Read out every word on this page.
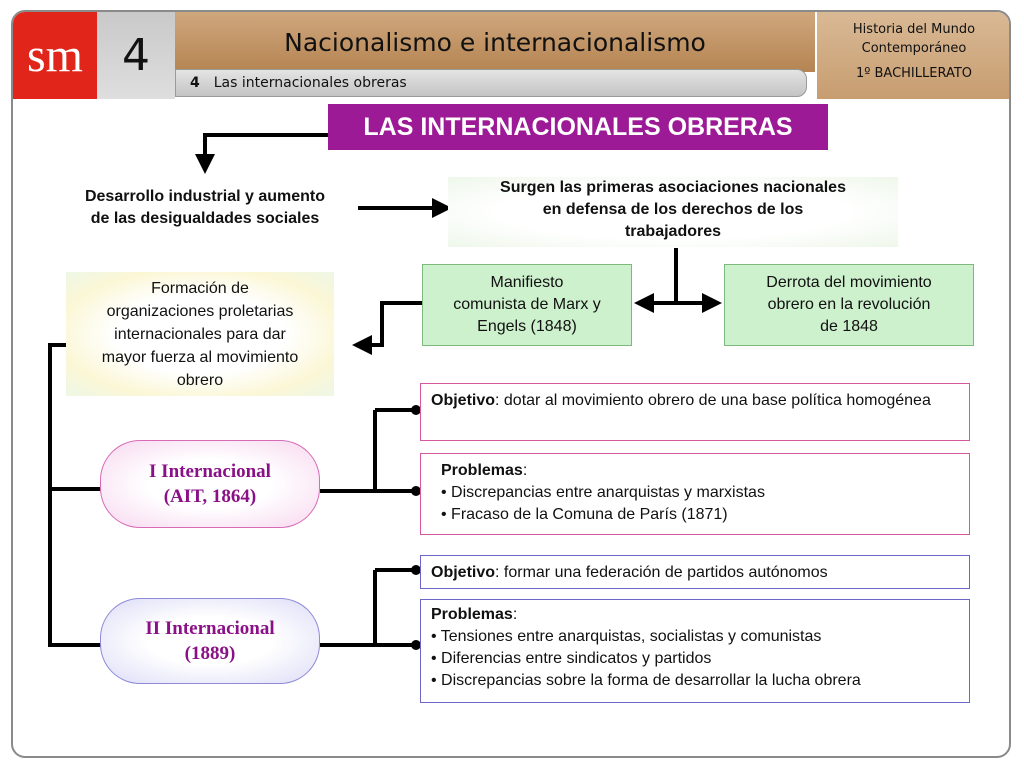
sm 4	Nacionalismo e internacionalismo
4 Las internacionales obreras
Historia del Mundo
Contemporáneo
1º BACHILLERATO
LAS INTERNACIONALES OBRERAS
Desarrollo industrial y aumento
de las desigualdades sociales
Surgen las primeras asociaciones nacionales
en defensa de los derechos de los
trabajadores
Manifiesto
comunista de Marx y
Engels (1848)
Derrota del movimiento
obrero en la revolución
de 1848
Formación de
organizaciones proletarias
internacionales para dar
mayor fuerza al movimiento
obrero
I Internacional
(AIT, 1864)
Objetivo: dotar al movimiento obrero de una base política homogénea
Problemas:
• Discrepancias entre anarquistas y marxistas
• Fracaso de la Comuna de París (1871)
II Internacional
(1889)
Objetivo: formar una federación de partidos autónomos
Problemas:
• Tensiones entre anarquistas, socialistas y comunistas
• Diferencias entre sindicatos y partidos
• Discrepancias sobre la forma de desarrollar la lucha obrera
